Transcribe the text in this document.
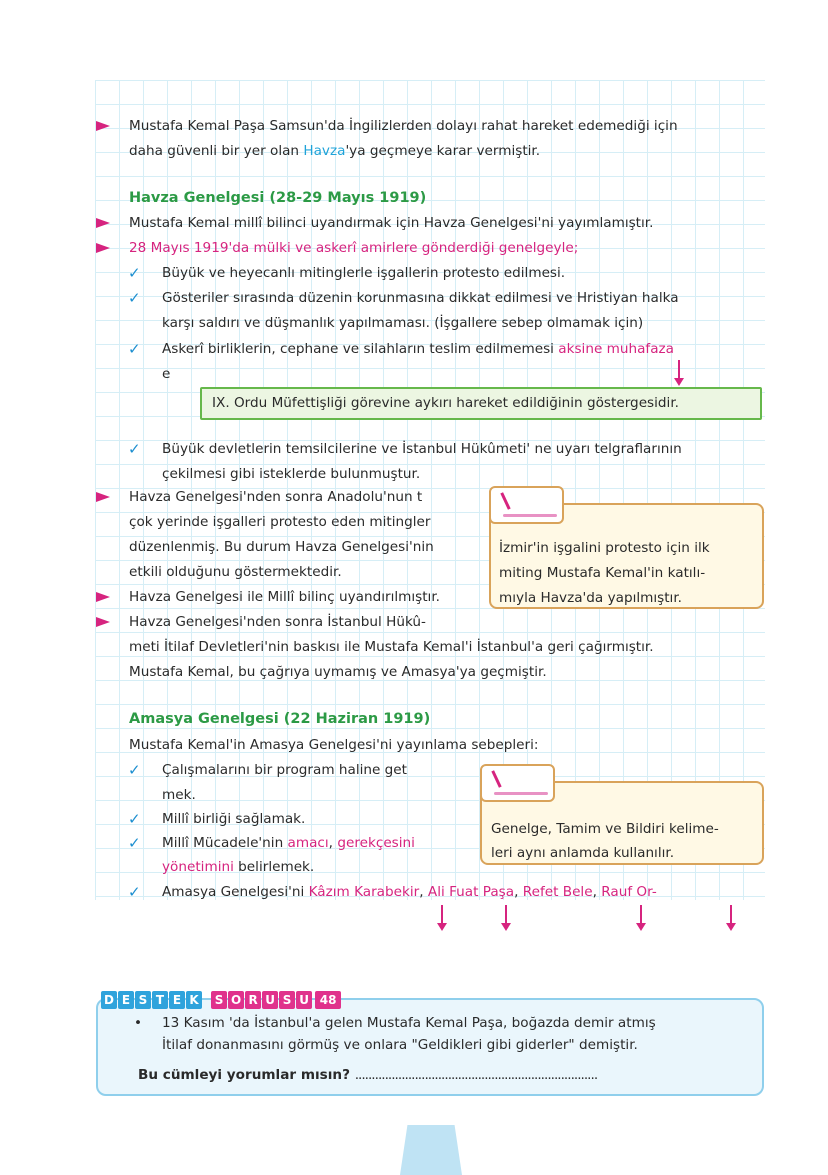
Mustafa Kemal Paşa Samsun'da İngilizlerden dolayı rahat hareket edemediği için
daha güvenli bir yer olan Havza'ya geçmeye karar vermiştir.
Havza Genelgesi (28-29 Mayıs 1919)
Mustafa Kemal millî bilinci uyandırmak için Havza Genelgesi'ni yayımlamıştır.
28 Mayıs 1919'da mülki ve askerî amirlere gönderdiği genelgeyle;
✓ Büyük ve heyecanlı mitinglerle işgallerin protesto edilmesi.
✓ Gösteriler sırasında düzenin korunmasına dikkat edilmesi ve Hristiyan halka
karşı saldırı ve düşmanlık yapılmaması. (İşgallere sebep olmamak için)
✓ Askerî birliklerin, cephane ve silahların teslim edilmemesi aksine muhafaza
e
IX. Ordu Müfettişliği görevine aykırı hareket edildiğinin göstergesidir.
✓ Büyük devletlerin temsilcilerine ve İstanbul Hükûmeti' ne uyarı telgraflarının
çekilmesi gibi isteklerde bulunmuştur.
Havza Genelgesi'nden sonra Anadolu'nun t
çok yerinde işgalleri protesto eden mitingler
düzenlenmiş. Bu durum Havza Genelgesi'nin
etkili olduğunu göstermektedir.
Havza Genelgesi ile Millî bilinç uyandırılmıştır.
Havza Genelgesi'nden sonra İstanbul Hükû-
meti İtilaf Devletleri'nin baskısı ile Mustafa Kemal'i İstanbul'a geri çağırmıştır.
Mustafa Kemal, bu çağrıya uymamış ve Amasya'ya geçmiştir.
İzmir'in işgalini protesto için ilk
miting Mustafa Kemal'in katılı-
mıyla Havza'da yapılmıştır.
Amasya Genelgesi (22 Haziran 1919)
Mustafa Kemal'in Amasya Genelgesi'ni yayınlama sebepleri:
✓ Çalışmalarını bir program haline get
mek.
✓ Millî birliği sağlamak.
✓ Millî Mücadele'nin amacı, gerekçesini
yönetimini belirlemek.
✓ Amasya Genelgesi'ni Kâzım Karabekir, Ali Fuat Paşa, Refet Bele, Rauf Or-
Genelge, Tamim ve Bildiri kelime-
leri aynı anlamda kullanılır.
• 13 Kasım 'da İstanbul'a gelen Mustafa Kemal Paşa, boğazda demir atmış
İtilaf donanmasını görmüş ve onlara "Geldikleri gibi giderler" demiştir.
Bu cümleyi yorumlar mısın? .........................................................................
D E S T E K S O R U S U 48
